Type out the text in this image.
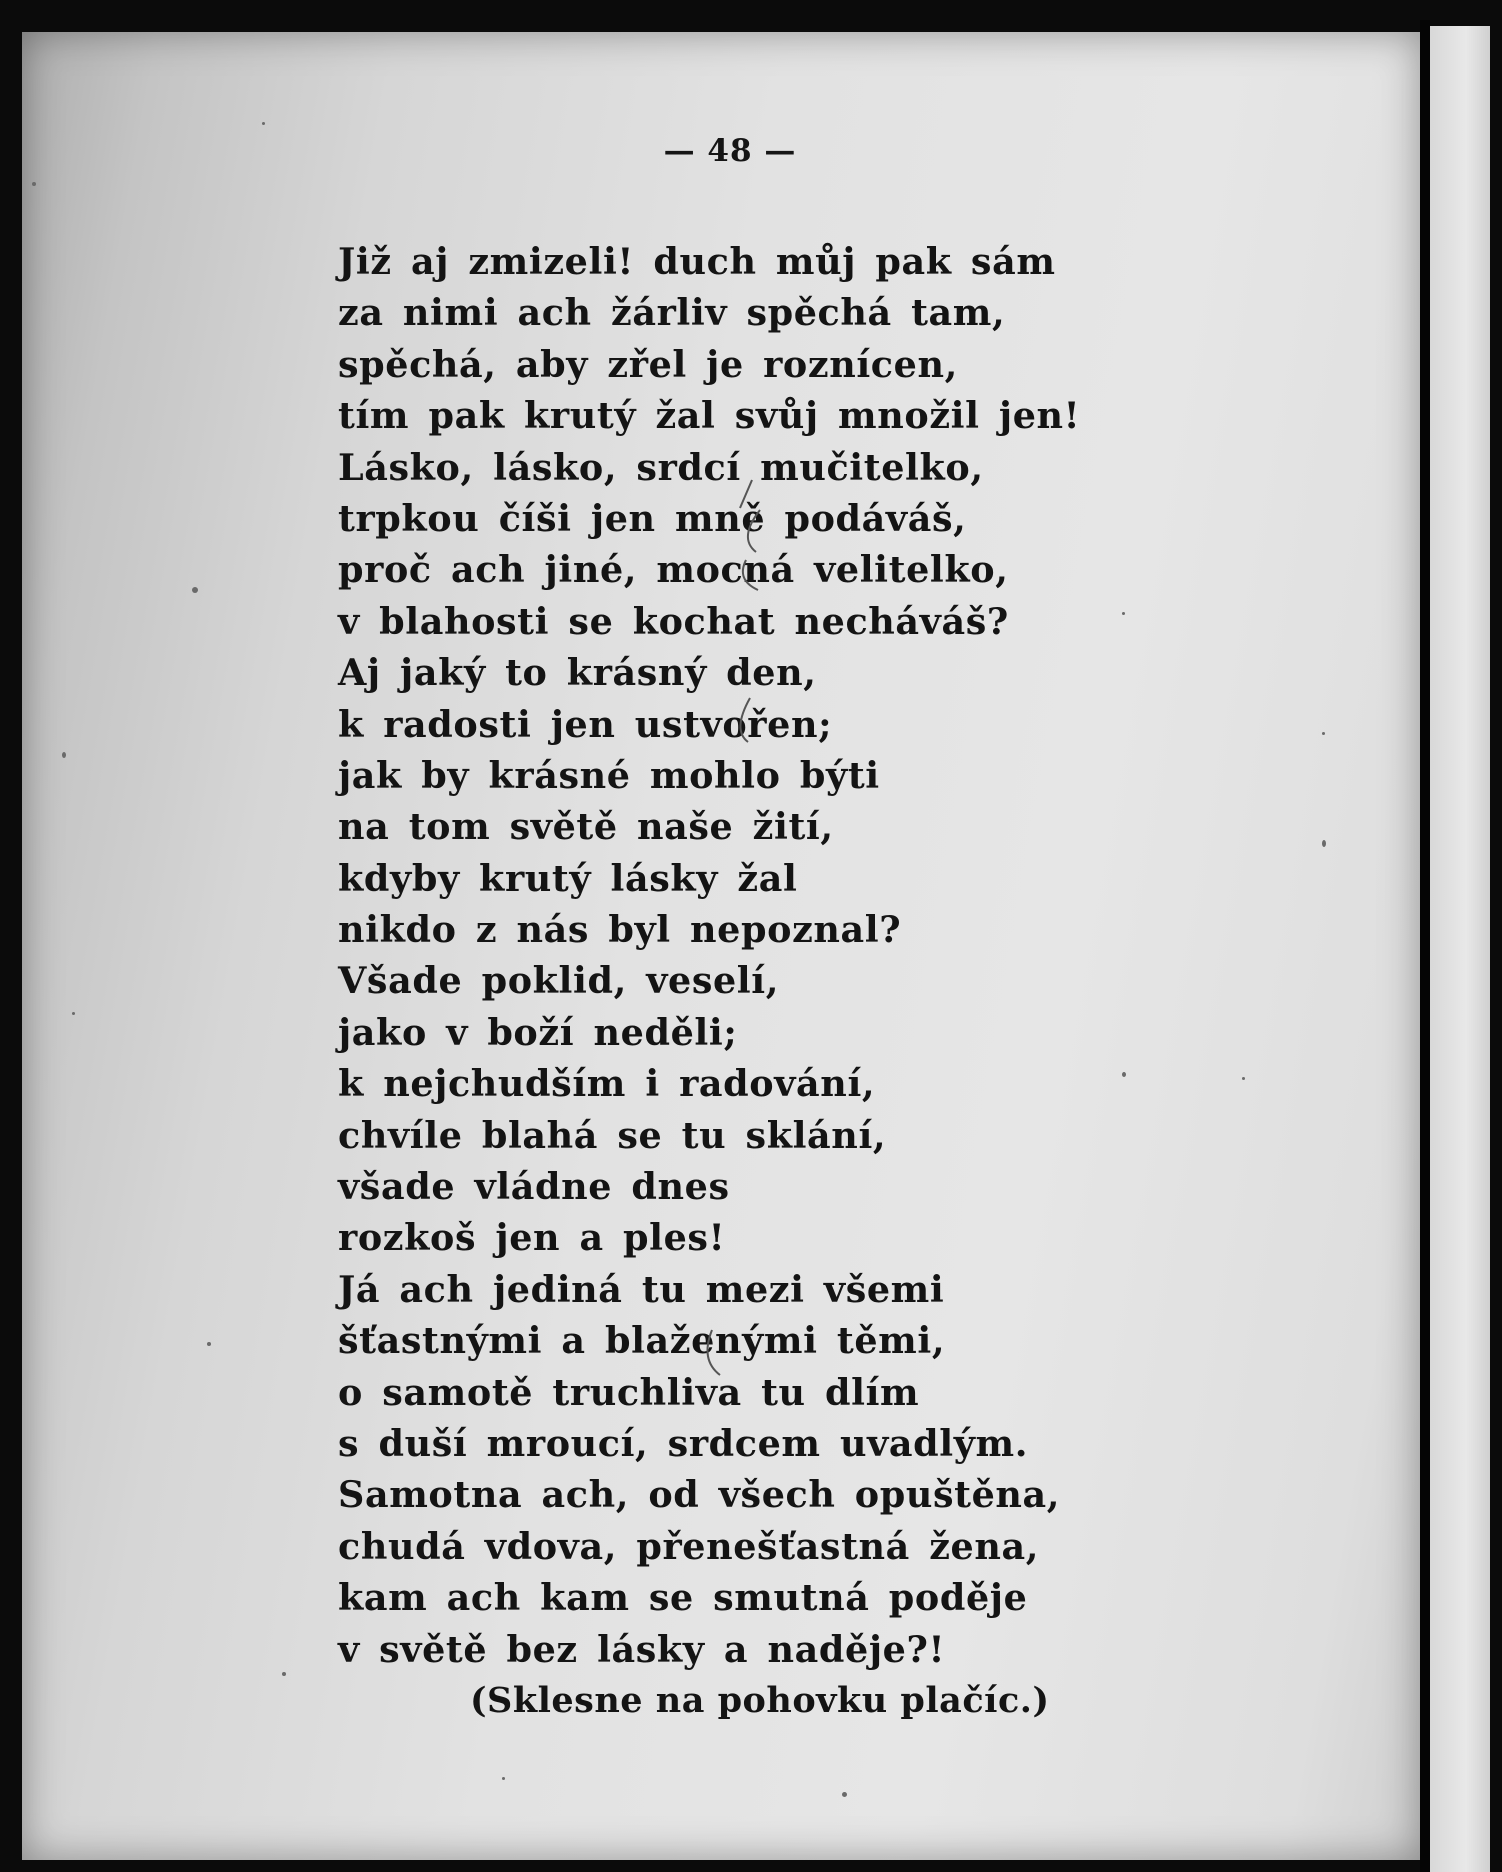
— 48 —
Již aj zmizeli! duch můj pak sám
za nimi ach žárliv spěchá tam,
spěchá, aby zřel je roznícen,
tím pak krutý žal svůj množil jen!
Lásko, lásko, srdcí mučitelko,
trpkou číši jen mně podáváš,
proč ach jiné, mocná velitelko,
v blahosti se kochat necháváš?
Aj jaký to krásný den,
k radosti jen ustvořen;
jak by krásné mohlo býti
na tom světě naše žití,
kdyby krutý lásky žal
nikdo z nás byl nepoznal?
Všade poklid, veselí,
jako v boží neděli;
k nejchudším i radování,
chvíle blahá se tu sklání,
všade vládne dnes
rozkoš jen a ples!
Já ach jediná tu mezi všemi
šťastnými a blaženými těmi,
o samotě truchliva tu dlím
s duší mroucí, srdcem uvadlým.
Samotna ach, od všech opuštěna,
chudá vdova, přenešťastná žena,
kam ach kam se smutná poděje
v světě bez lásky a naděje?!
(Sklesne na pohovku plačíc.)
